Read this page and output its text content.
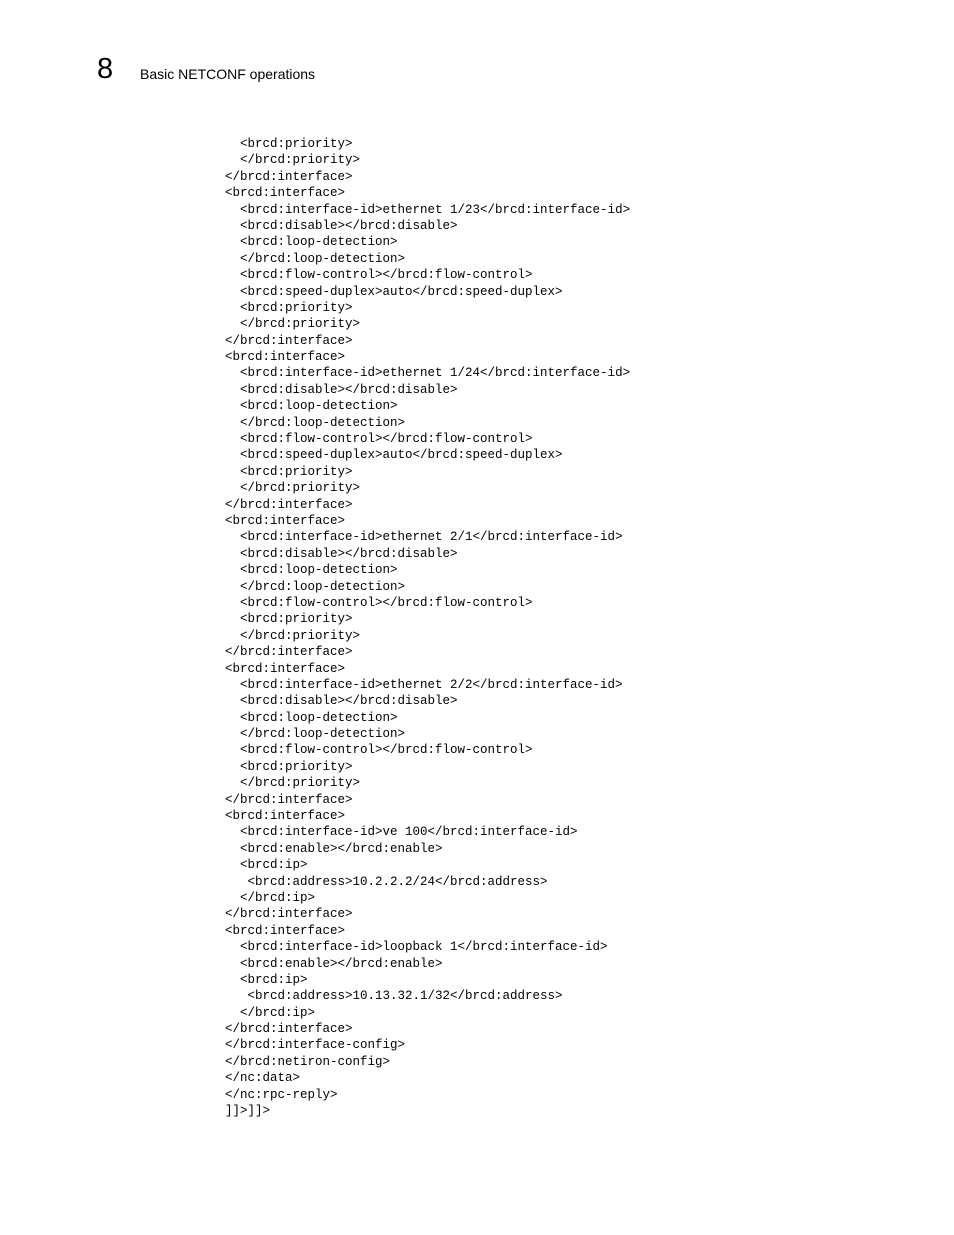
8 Basic NETCONF operations
<brcd:priority>
</brcd:priority>
</brcd:interface>
<brcd:interface>
<brcd:interface-id>ethernet 1/23</brcd:interface-id>
<brcd:disable></brcd:disable>
<brcd:loop-detection>
</brcd:loop-detection>
<brcd:flow-control></brcd:flow-control>
<brcd:speed-duplex>auto</brcd:speed-duplex>
<brcd:priority>
</brcd:priority>
</brcd:interface>
<brcd:interface>
<brcd:interface-id>ethernet 1/24</brcd:interface-id>
<brcd:disable></brcd:disable>
<brcd:loop-detection>
</brcd:loop-detection>
<brcd:flow-control></brcd:flow-control>
<brcd:speed-duplex>auto</brcd:speed-duplex>
<brcd:priority>
</brcd:priority>
</brcd:interface>
<brcd:interface>
<brcd:interface-id>ethernet 2/1</brcd:interface-id>
<brcd:disable></brcd:disable>
<brcd:loop-detection>
</brcd:loop-detection>
<brcd:flow-control></brcd:flow-control>
<brcd:priority>
</brcd:priority>
</brcd:interface>
<brcd:interface>
<brcd:interface-id>ethernet 2/2</brcd:interface-id>
<brcd:disable></brcd:disable>
<brcd:loop-detection>
</brcd:loop-detection>
<brcd:flow-control></brcd:flow-control>
<brcd:priority>
</brcd:priority>
</brcd:interface>
<brcd:interface>
<brcd:interface-id>ve 100</brcd:interface-id>
<brcd:enable></brcd:enable>
<brcd:ip>
<brcd:address>10.2.2.2/24</brcd:address>
</brcd:ip>
</brcd:interface>
<brcd:interface>
<brcd:interface-id>loopback 1</brcd:interface-id>
<brcd:enable></brcd:enable>
<brcd:ip>
<brcd:address>10.13.32.1/32</brcd:address>
</brcd:ip>
</brcd:interface>
</brcd:interface-config>
</brcd:netiron-config>
</nc:data>
</nc:rpc-reply>
]]>]]>
